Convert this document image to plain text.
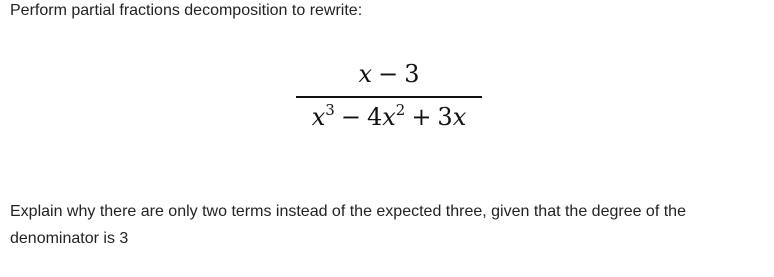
Perform partial fractions decomposition to rewrite:
x − 3
$x^3 - 4x^2 + 3x$
Explain why there are only two terms instead of the expected three, given that the degree of the denominator is 3
